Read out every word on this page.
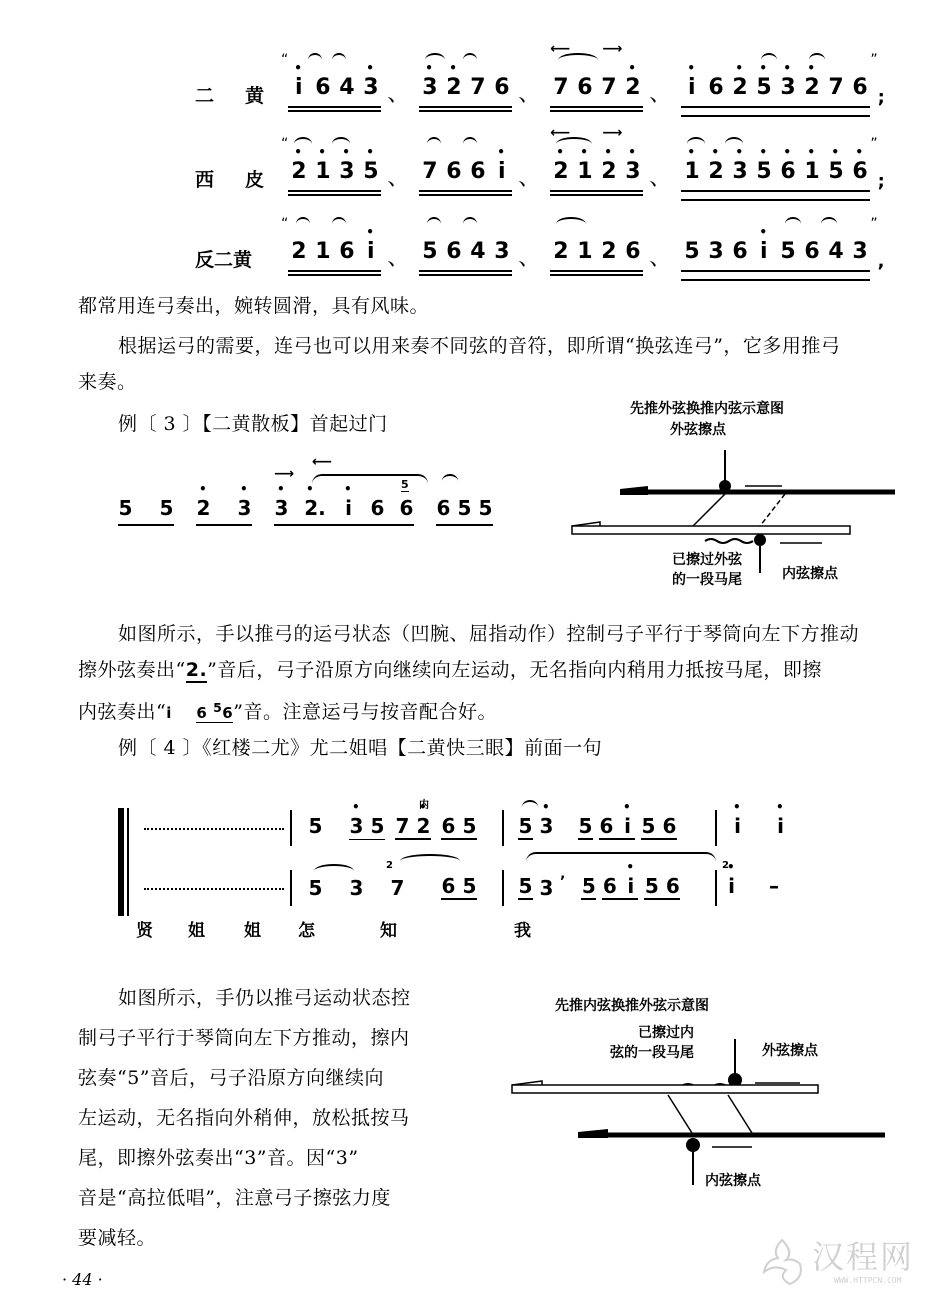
二　黄
“
• i 6 4 • 3 、 • 3 • 2 7 6 、
⟵ ⟶
7 6 7 • 2 、 • i 6 • 2 • 5 • 3 • 2 7 6
”
;
西　皮
“
• 2 • 1 • 3 • 5 、 7 6 6 • i 、
⟵ ⟶
• 2 • 1 • 2 • 3 、 • 1 • 2 • 3 • 5 • 6 • 1 • 5 • 6
”
;
反二黄
“
2 1 6 • i 、 5 6 4 3 、 2 1 2 6 、 5 3 6 • i 5 6 4 3
”
,
都常用连弓奏出，婉转圆滑，具有风味。
根据运弓的需要，连弓也可以用来奏不同弦的音符，即所谓“换弦连弓”，它多用推弓
来奏。
例〔 3 〕【二黄散板】首起过门
5 5 • 2 • 3
⟶
⟵
• 3 • 2. • i 6
5
6 6 5 5
先推外弦换推内弦示意图
外弦擦点
已擦过外弦
的一段马尾	内弦擦点
如图所示，手以推弓的运弓状态（凹腕、屈指动作）控制弓子平行于琴筒向左下方推动
擦外弦奏出“2.”音后，弓子沿原方向继续向左运动，无名指向内稍用力抵按马尾，即擦
内弦奏出“i 6 $^5$6”音。注意运弓与按音配合好。
例〔 4 〕《红楼二尤》尤二姐唱【二黄快三眼】前面一句
5 • 3 5 7 • 2
内
6 5 5 • 3 5 6 • i 5 6	• i • i
5 3
2
7 6 5 5 3 ’ 5 6 • i 5 6
2
• i –
贤 姐 姐 怎	知	我
如图所示，手仍以推弓运动状态控
制弓子平行于琴筒向左下方推动，擦内
弦奏“5”音后，弓子沿原方向继续向
左运动，无名指向外稍伸，放松抵按马
尾，即擦外弦奏出“3”音。因“3”
音是“高拉低唱”，注意弓子擦弦力度
要减轻。
先推内弦换推外弦示意图
已擦过内
弦的一段马尾	外弦擦点
内弦擦点
· 44 ·
汉程网
WWW.HTTPCN.COM
